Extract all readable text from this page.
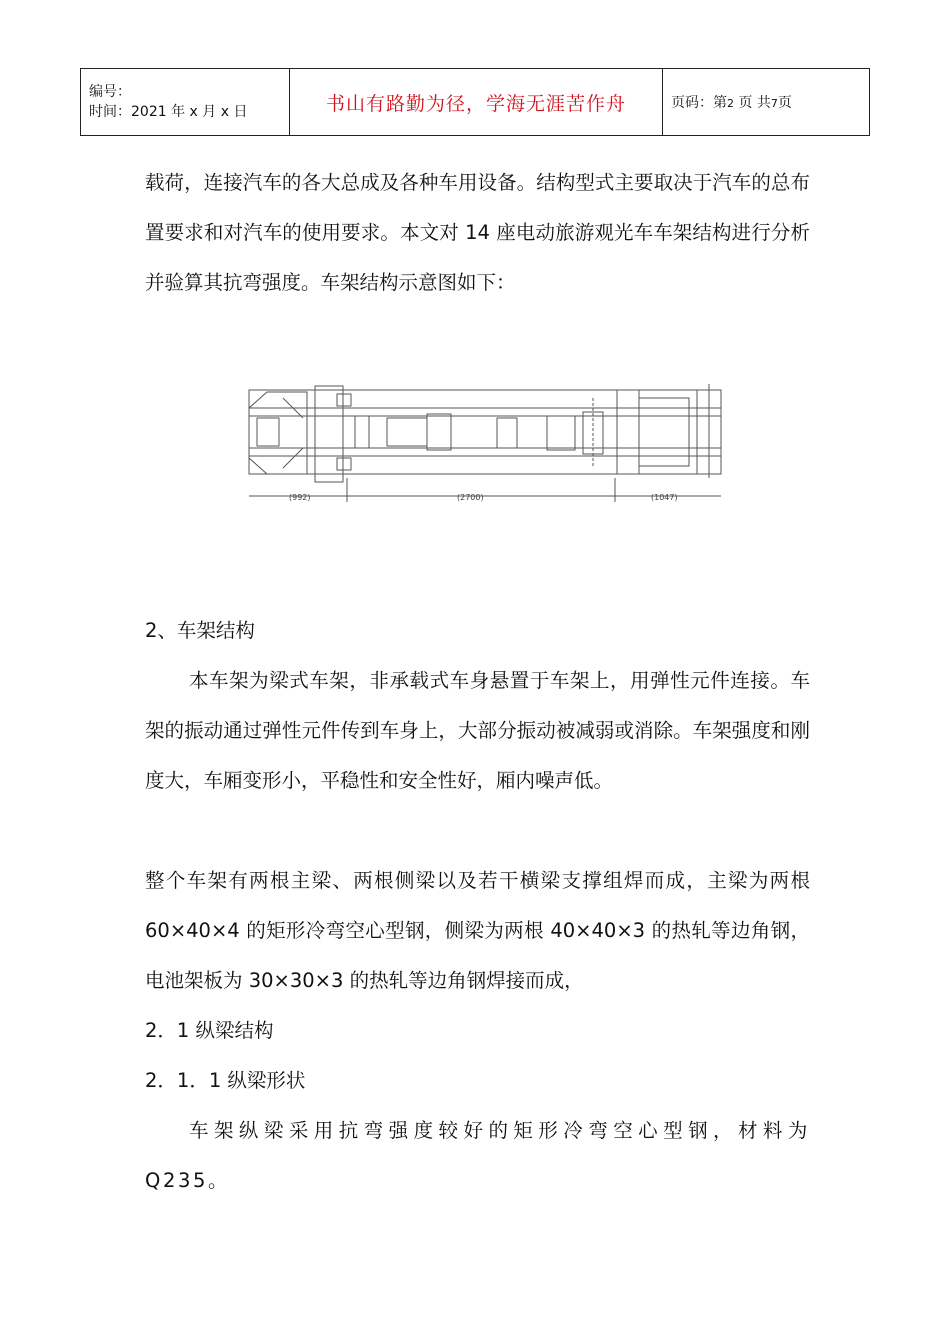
编号：
时间：2021 年 x 月 x 日	书山有路勤为径，学海无涯苦作舟	页码：第2 页 共7页

载荷，连接汽车的各大总成及各种车用设备。结构型式主要取决于汽车的总布置要求和对汽车的使用要求。本文对 14 座电动旅游观光车车架结构进行分析并验算其抗弯强度。车架结构示意图如下：

(992)	(2700)	(1047)

2、车架结构

本车架为梁式车架，非承载式车身悬置于车架上，用弹性元件连接。车架的振动通过弹性元件传到车身上，大部分振动被减弱或消除。车架强度和刚度大，车厢变形小，平稳性和安全性好，厢内噪声低。

整个车架有两根主梁、两根侧梁以及若干横梁支撑组焊而成，主梁为两根 60×40×4 的矩形冷弯空心型钢，侧梁为两根 40×40×3 的热轧等边角钢，电池架板为 30×30×3 的热轧等边角钢焊接而成，

2．1 纵梁结构

2．1．1 纵梁形状

车架纵梁采用抗弯强度较好的矩形冷弯空心型钢，材料为Q235。
